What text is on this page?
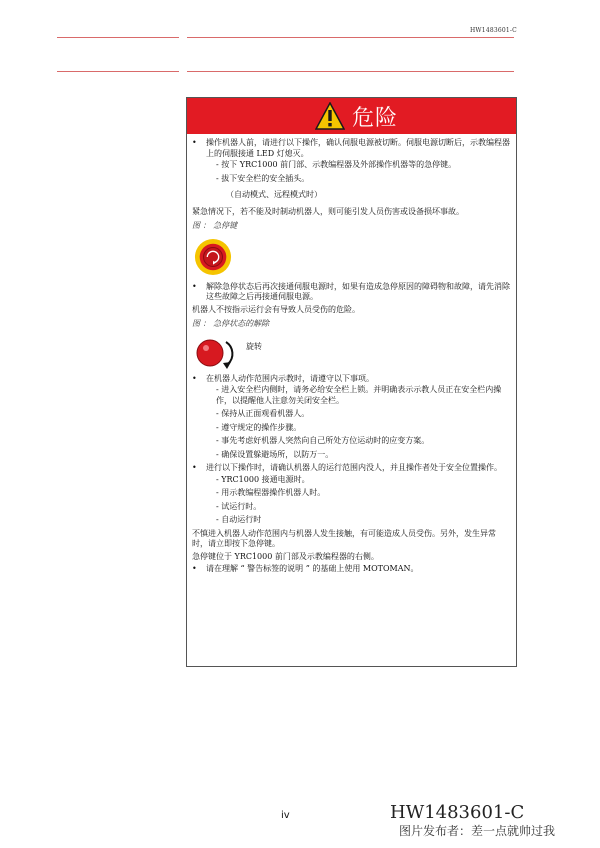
HW1483601-C
危险
• 操作机器人前，请进行以下操作，确认伺服电源被切断。伺服电源切断后，示教编程器上的伺服接通 LED 灯熄灭。
- 按下 YRC1000 前门部、示教编程器及外部操作机器等的急停键。
- 拔下安全栏的安全插头。
（自动模式、远程模式时）
紧急情况下，若不能及时制动机器人，则可能引发人员伤害或设备损坏事故。
图 ： 急停键
• 解除急停状态后再次接通伺服电源时，如果有造成急停原因的障碍物和故障，请先消除这些故障之后再接通伺服电源。
机器人不按指示运行会有导致人员受伤的危险。
图 ： 急停状态的解除
旋转
• 在机器人动作范围内示教时，请遵守以下事项。
- 进入安全栏内侧时，请务必给安全栏上锁。并明确表示示教人员正在安全栏内操作，以提醒他人注意勿关闭安全栏。
- 保持从正面观看机器人。
- 遵守规定的操作步骤。
- 事先考虑好机器人突然向自己所处方位运动时的应变方案。
- 确保设置躲避场所，以防万一。
• 进行以下操作时，请确认机器人的运行范围内没人，并且操作者处于安全位置操作。
- YRC1000 接通电源时。
- 用示教编程器操作机器人时。
- 试运行时。
- 自动运行时
不慎进入机器人动作范围内与机器人发生接触，有可能造成人员受伤。另外，发生异常时，请立即按下急停键。
急停键位于 YRC1000 前门部及示教编程器的右侧。
• 请在理解 “ 警告标签的说明 ” 的基础上使用 MOTOMAN。
iv	HW1483601-C
图片发布者：差一点就帅过我
